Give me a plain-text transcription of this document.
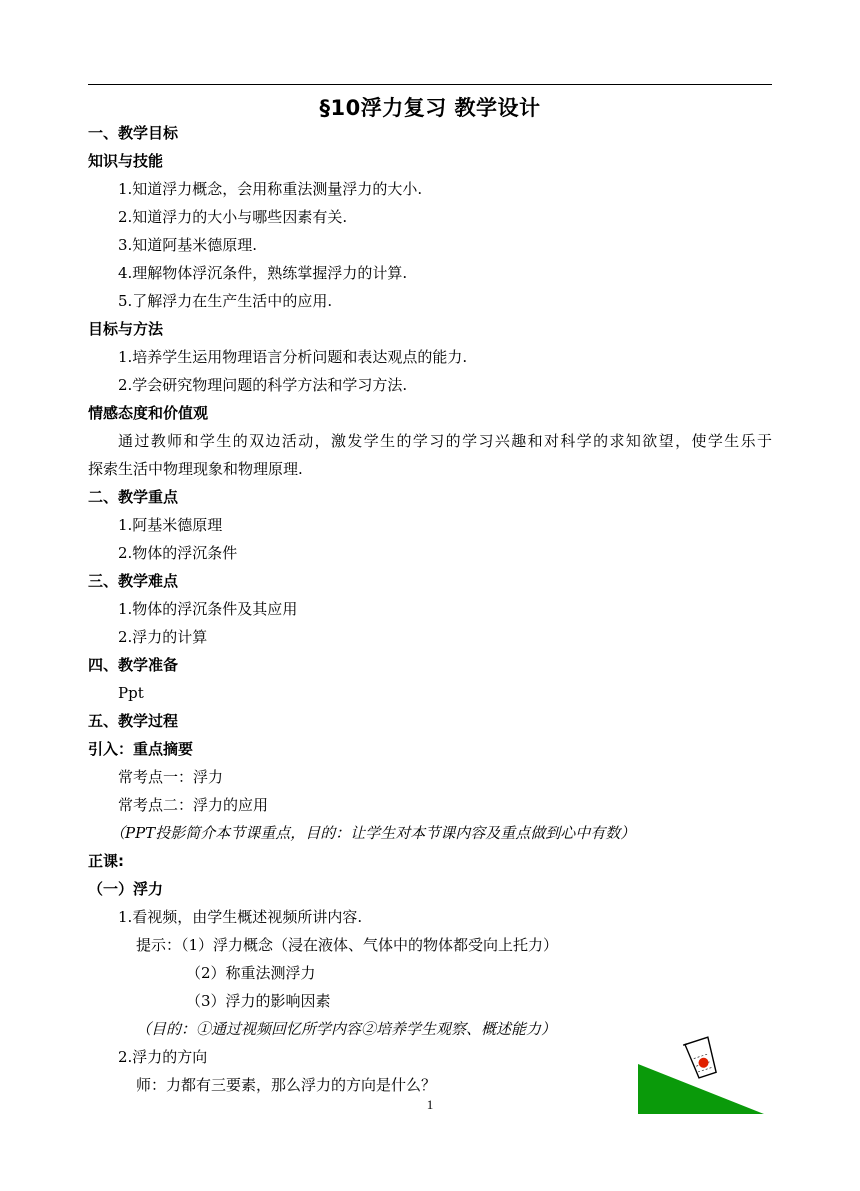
§10浮力复习 教学设计
一、教学目标
知识与技能
1.知道浮力概念，会用称重法测量浮力的大小.
2.知道浮力的大小与哪些因素有关.
3.知道阿基米德原理.
4.理解物体浮沉条件，熟练掌握浮力的计算.
5.了解浮力在生产生活中的应用.
目标与方法
1.培养学生运用物理语言分析问题和表达观点的能力.
2.学会研究物理问题的科学方法和学习方法.
情感态度和价值观
通过教师和学生的双边活动，激发学生的学习的学习兴趣和对科学的求知欲望，使学生乐于
探索生活中物理现象和物理原理.
二、教学重点
1.阿基米德原理
2.物体的浮沉条件
三、教学难点
1.物体的浮沉条件及其应用
2.浮力的计算
四、教学准备
Ppt
五、教学过程
引入：重点摘要
常考点一：浮力
常考点二：浮力的应用
（PPT投影简介本节课重点，目的：让学生对本节课内容及重点做到心中有数）
正课:
（一）浮力
1.看视频，由学生概述视频所讲内容.
提示：（1）浮力概念（浸在液体、气体中的物体都受向上托力）
（2）称重法测浮力
（3）浮力的影响因素
（目的：①通过视频回忆所学内容②培养学生观察、概述能力）
2.浮力的方向
师：力都有三要素，那么浮力的方向是什么？
1
